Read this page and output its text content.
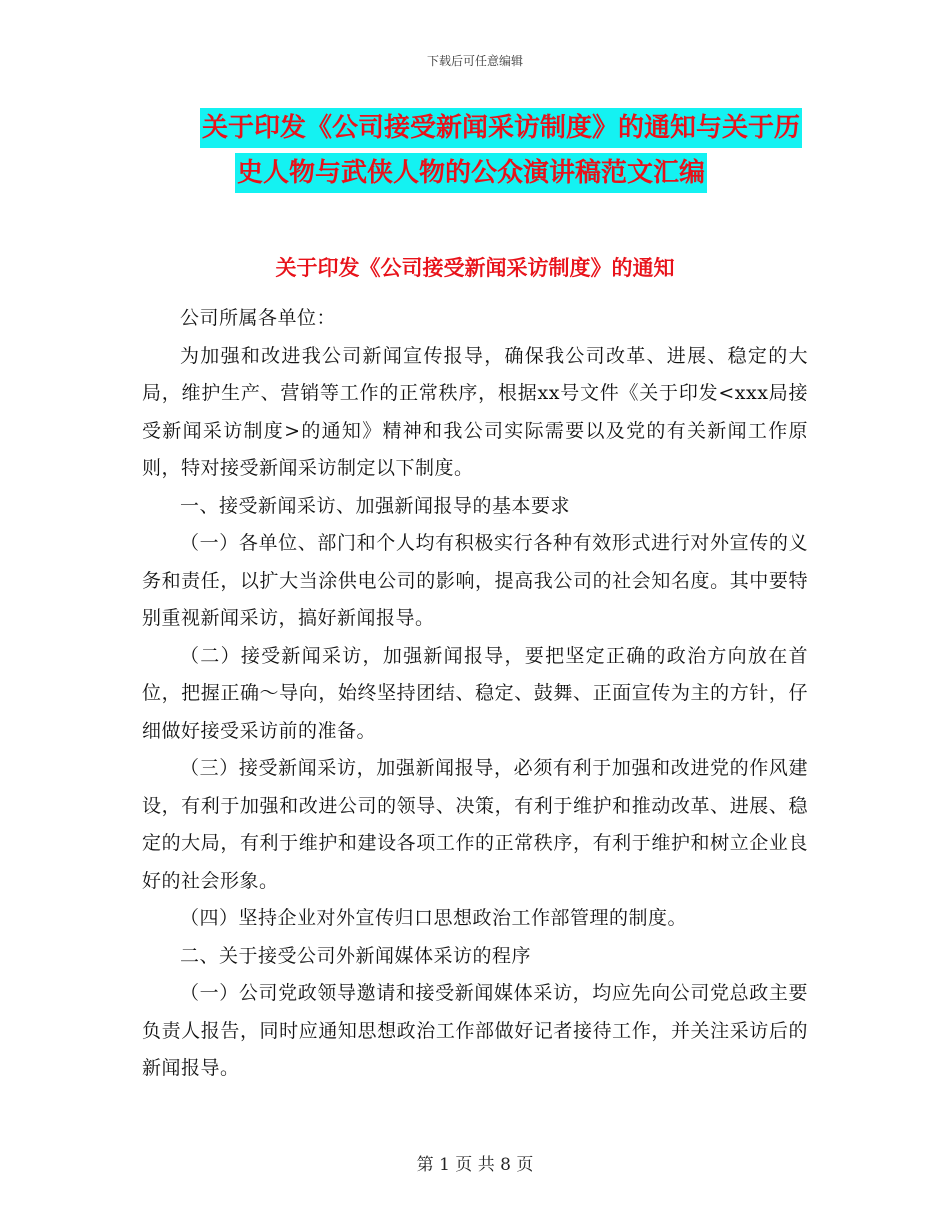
下载后可任意编辑
关于印发《公司接受新闻采访制度》的通知与关于历
史人物与武侠人物的公众演讲稿范文汇编
关于印发《公司接受新闻采访制度》的通知

公司所属各单位：

为加强和改进我公司新闻宣传报导，确保我公司改革、进展、稳定的大局，维护生产、营销等工作的正常秩序，根据xx号文件《关于印发<xxx局接受新闻采访制度>的通知》精神和我公司实际需要以及党的有关新闻工作原则，特对接受新闻采访制定以下制度。

一、接受新闻采访、加强新闻报导的基本要求

（一）各单位、部门和个人均有积极实行各种有效形式进行对外宣传的义务和责任，以扩大当涂供电公司的影响，提高我公司的社会知名度。其中要特别重视新闻采访，搞好新闻报导。

（二）接受新闻采访，加强新闻报导，要把坚定正确的政治方向放在首位，把握正确～导向，始终坚持团结、稳定、鼓舞、正面宣传为主的方针，仔细做好接受采访前的准备。

（三）接受新闻采访，加强新闻报导，必须有利于加强和改进党的作风建设，有利于加强和改进公司的领导、决策，有利于维护和推动改革、进展、稳定的大局，有利于维护和建设各项工作的正常秩序，有利于维护和树立企业良好的社会形象。

（四）坚持企业对外宣传归口思想政治工作部管理的制度。

二、关于接受公司外新闻媒体采访的程序

（一）公司党政领导邀请和接受新闻媒体采访，均应先向公司党总政主要负责人报告，同时应通知思想政治工作部做好记者接待工作，并关注采访后的新闻报导。

第 1 页 共 8 页
